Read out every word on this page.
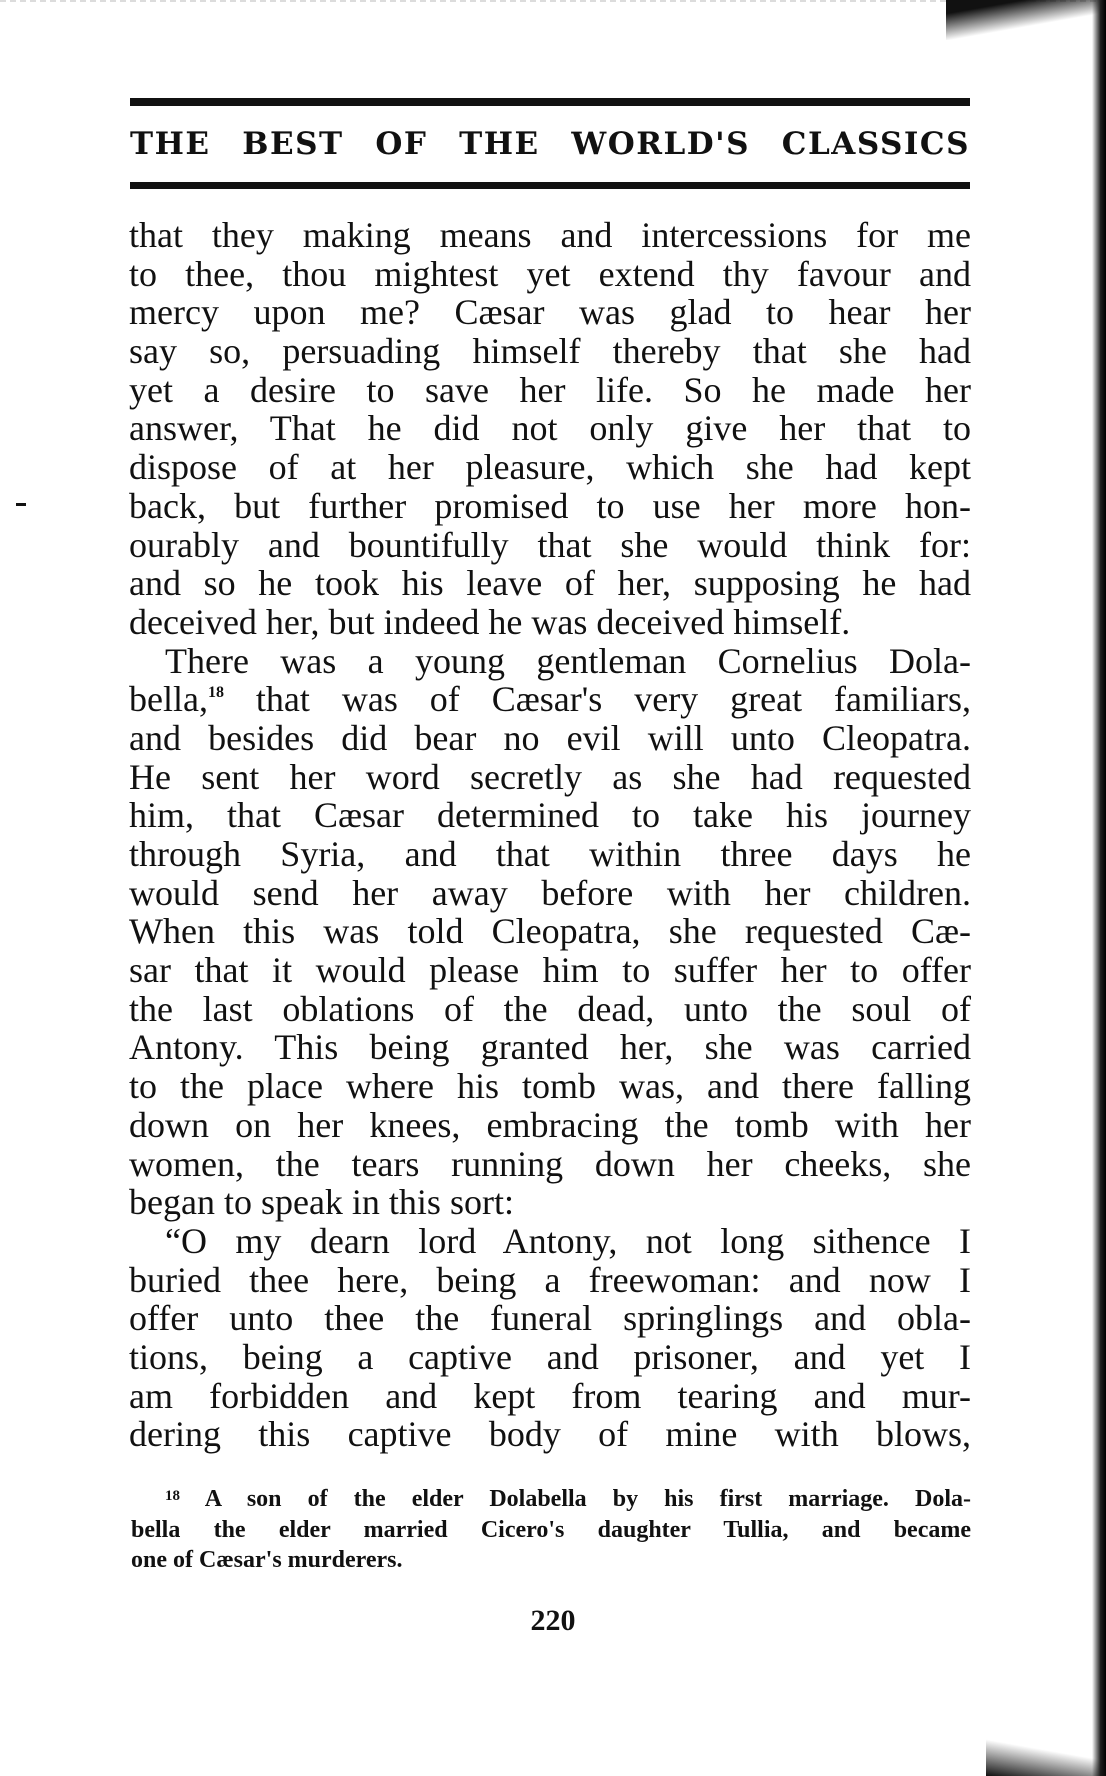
THE BEST OF THE WORLD'S CLASSICS
that they making means and intercessions for me
to thee, thou mightest yet extend thy favour and
mercy upon me? Cæsar was glad to hear her
say so, persuading himself thereby that she had
yet a desire to save her life. So he made her
answer, That he did not only give her that to
dispose of at her pleasure, which she had kept
back, but further promised to use her more hon-
ourably and bountifully that she would think for:
and so he took his leave of her, supposing he had
deceived her, but indeed he was deceived himself.
There was a young gentleman Cornelius Dola-
bella,$^{18}$ that was of Cæsar's very great familiars,
and besides did bear no evil will unto Cleopatra.
He sent her word secretly as she had requested
him, that Cæsar determined to take his journey
through Syria, and that within three days he
would send her away before with her children.
When this was told Cleopatra, she requested Cæ-
sar that it would please him to suffer her to offer
the last oblations of the dead, unto the soul of
Antony. This being granted her, she was carried
to the place where his tomb was, and there falling
down on her knees, embracing the tomb with her
women, the tears running down her cheeks, she
began to speak in this sort:
“O my dearn lord Antony, not long sithence I
buried thee here, being a freewoman: and now I
offer unto thee the funeral springlings and obla-
tions, being a captive and prisoner, and yet I
am forbidden and kept from tearing and mur-
dering this captive body of mine with blows,
$^{18}$ A son of the elder Dolabella by his first marriage. Dola-
bella the elder married Cicero's daughter Tullia, and became
one of Cæsar's murderers.
220
